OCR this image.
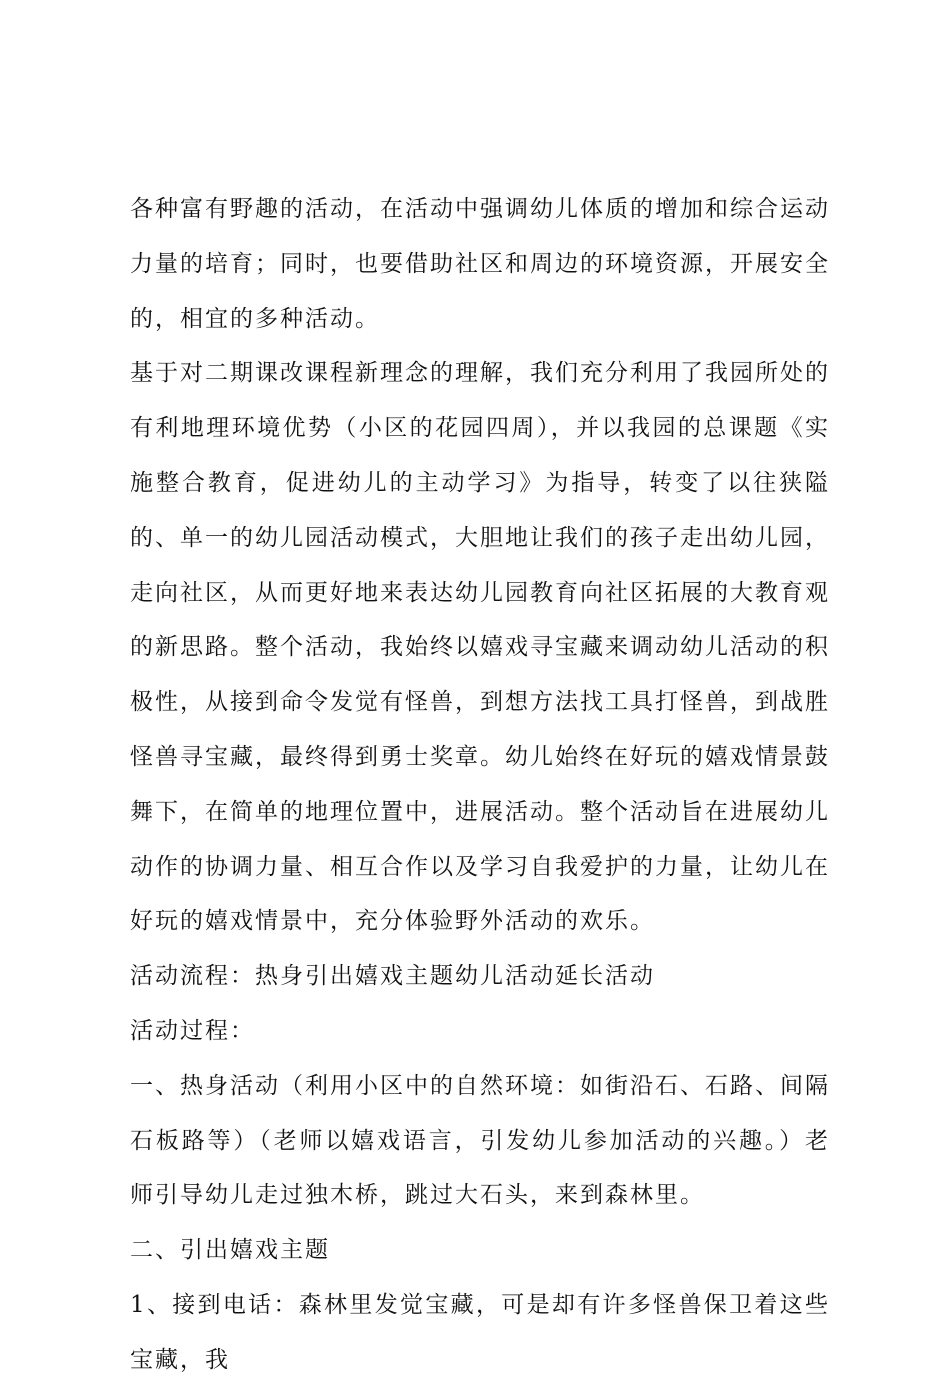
各种富有野趣的活动，在活动中强调幼儿体质的增加和综合运动力量的培育；同时，也要借助社区和周边的环境资源，开展安全的，相宜的多种活动。

基于对二期课改课程新理念的理解，我们充分利用了我园所处的有利地理环境优势（小区的花园四周），并以我园的总课题《实施整合教育，促进幼儿的主动学习》为指导，转变了以往狭隘的、单一的幼儿园活动模式，大胆地让我们的孩子走出幼儿园，走向社区，从而更好地来表达幼儿园教育向社区拓展的大教育观的新思路。整个活动，我始终以嬉戏寻宝藏来调动幼儿活动的积极性，从接到命令发觉有怪兽，到想方法找工具打怪兽，到战胜怪兽寻宝藏，最终得到勇士奖章。幼儿始终在好玩的嬉戏情景鼓舞下，在简单的地理位置中，进展活动。整个活动旨在进展幼儿动作的协调力量、相互合作以及学习自我爱护的力量，让幼儿在好玩的嬉戏情景中，充分体验野外活动的欢乐。

活动流程：热身引出嬉戏主题幼儿活动延长活动

活动过程：

一、热身活动（利用小区中的自然环境：如街沿石、石路、间隔石板路等）（老师以嬉戏语言，引发幼儿参加活动的兴趣。）老师引导幼儿走过独木桥，跳过大石头，来到森林里。

二、引出嬉戏主题

1、接到电话：森林里发觉宝藏，可是却有许多怪兽保卫着这些宝藏，我
